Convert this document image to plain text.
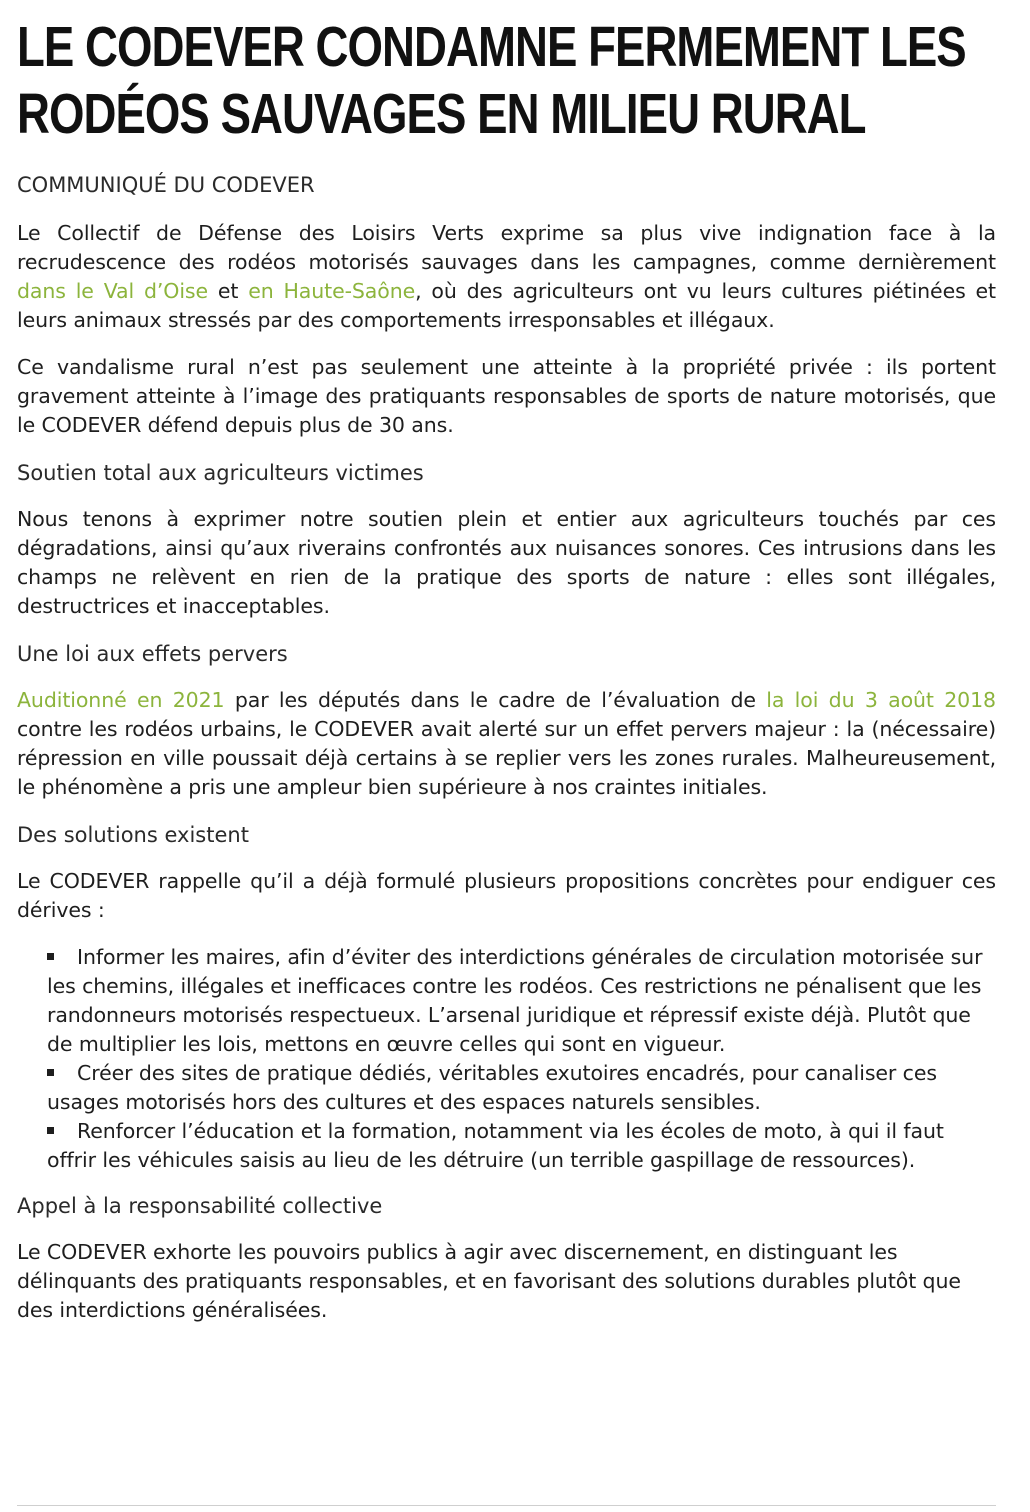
LE CODEVER CONDAMNE FERMEMENT LES RODÉOS SAUVAGES EN MILIEU RURAL
COMMUNIQUÉ DU CODEVER

Le Collectif de Défense des Loisirs Verts exprime sa plus vive indignation face à la recrudescence des rodéos motorisés sauvages dans les campagnes, comme dernièrement dans le Val d’Oise et en Haute-Saône, où des agriculteurs ont vu leurs cultures piétinées et leurs animaux stressés par des comportements irresponsables et illégaux.

Ce vandalisme rural n’est pas seulement une atteinte à la propriété privée : ils portent gravement atteinte à l’image des pratiquants responsables de sports de nature motorisés, que le CODEVER défend depuis plus de 30 ans.

Soutien total aux agriculteurs victimes

Nous tenons à exprimer notre soutien plein et entier aux agriculteurs touchés par ces dégradations, ainsi qu’aux riverains confrontés aux nuisances sonores. Ces intrusions dans les champs ne relèvent en rien de la pratique des sports de nature : elles sont illégales, destructrices et inacceptables.

Une loi aux effets pervers

Auditionné en 2021 par les députés dans le cadre de l’évaluation de la loi du 3 août 2018 contre les rodéos urbains, le CODEVER avait alerté sur un effet pervers majeur : la (nécessaire) répression en ville poussait déjà certains à se replier vers les zones rurales. Malheureusement, le phénomène a pris une ampleur bien supérieure à nos craintes initiales.

Des solutions existent

Le CODEVER rappelle qu’il a déjà formulé plusieurs propositions concrètes pour endiguer ces dérives :

Informer les maires, afin d’éviter des interdictions générales de circulation motorisée sur les chemins, illégales et inefficaces contre les rodéos. Ces restrictions ne pénalisent que les randonneurs motorisés respectueux. L’arsenal juridique et répressif existe déjà. Plutôt que de multiplier les lois, mettons en œuvre celles qui sont en vigueur.
Créer des sites de pratique dédiés, véritables exutoires encadrés, pour canaliser ces usages motorisés hors des cultures et des espaces naturels sensibles.
Renforcer l’éducation et la formation, notamment via les écoles de moto, à qui il faut offrir les véhicules saisis au lieu de les détruire (un terrible gaspillage de ressources).
Appel à la responsabilité collective

Le CODEVER exhorte les pouvoirs publics à agir avec discernement, en distinguant les délinquants des pratiquants responsables, et en favorisant des solutions durables plutôt que des interdictions généralisées.
